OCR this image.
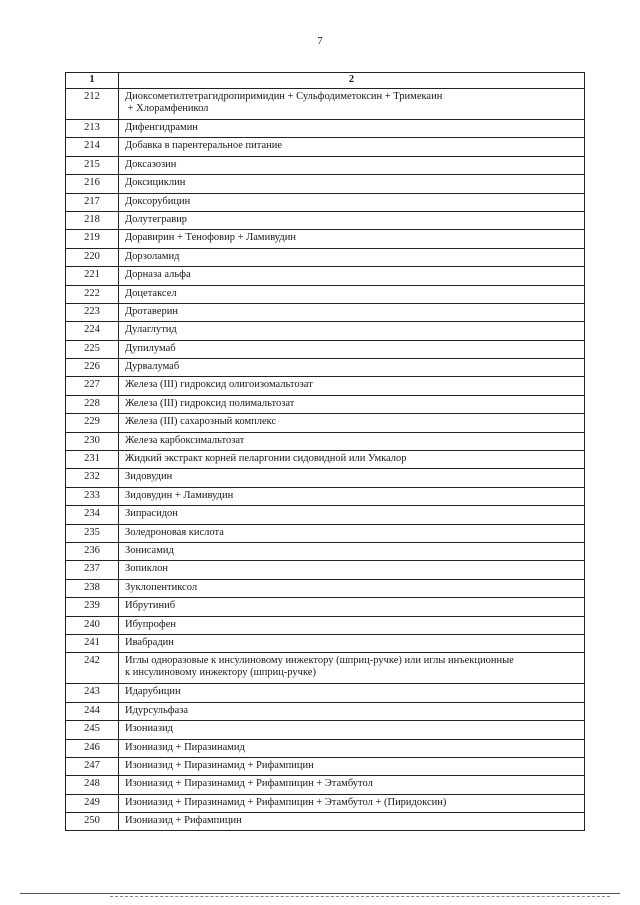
7
1	2
212	Диоксометилтетрагидропиримидин + Сульфодиметоксин + Тримекаин
+ Хлорамфеникол
213	Дифенгидрамин
214	Добавка в парентеральное питание
215	Доксазозин
216	Доксициклин
217	Доксорубицин
218	Долутегравир
219	Доравирин + Тенофовир + Ламивудин
220	Дорзоламид
221	Дорназа альфа
222	Доцетаксел
223	Дротаверин
224	Дулаглутид
225	Дупилумаб
226	Дурвалумаб
227	Железа (III) гидроксид олигоизомальтозат
228	Железа (III) гидроксид полимальтозат
229	Железа (III) сахарозный комплекс
230	Железа карбоксимальтозат
231	Жидкий экстракт корней пеларгонии сидовидной или Умкалор
232	Зидовудин
233	Зидовудин + Ламивудин
234	Зипрасидон
235	Золедроновая кислота
236	Зонисамид
237	Зопиклон
238	Зуклопентиксол
239	Ибрутиниб
240	Ибупрофен
241	Ивабрадин
242	Иглы одноразовые к инсулиновому инжектору (шприц-ручке) или иглы инъекционные
к инсулиновому инжектору (шприц-ручке)
243	Идарубицин
244	Идурсульфаза
245	Изониазид
246	Изониазид + Пиразинамид
247	Изониазид + Пиразинамид + Рифампицин
248	Изониазид + Пиразинамид + Рифампицин + Этамбутол
249	Изониазид + Пиразинамид + Рифампицин + Этамбутол + (Пиридоксин)
250	Изониазид + Рифампицин
